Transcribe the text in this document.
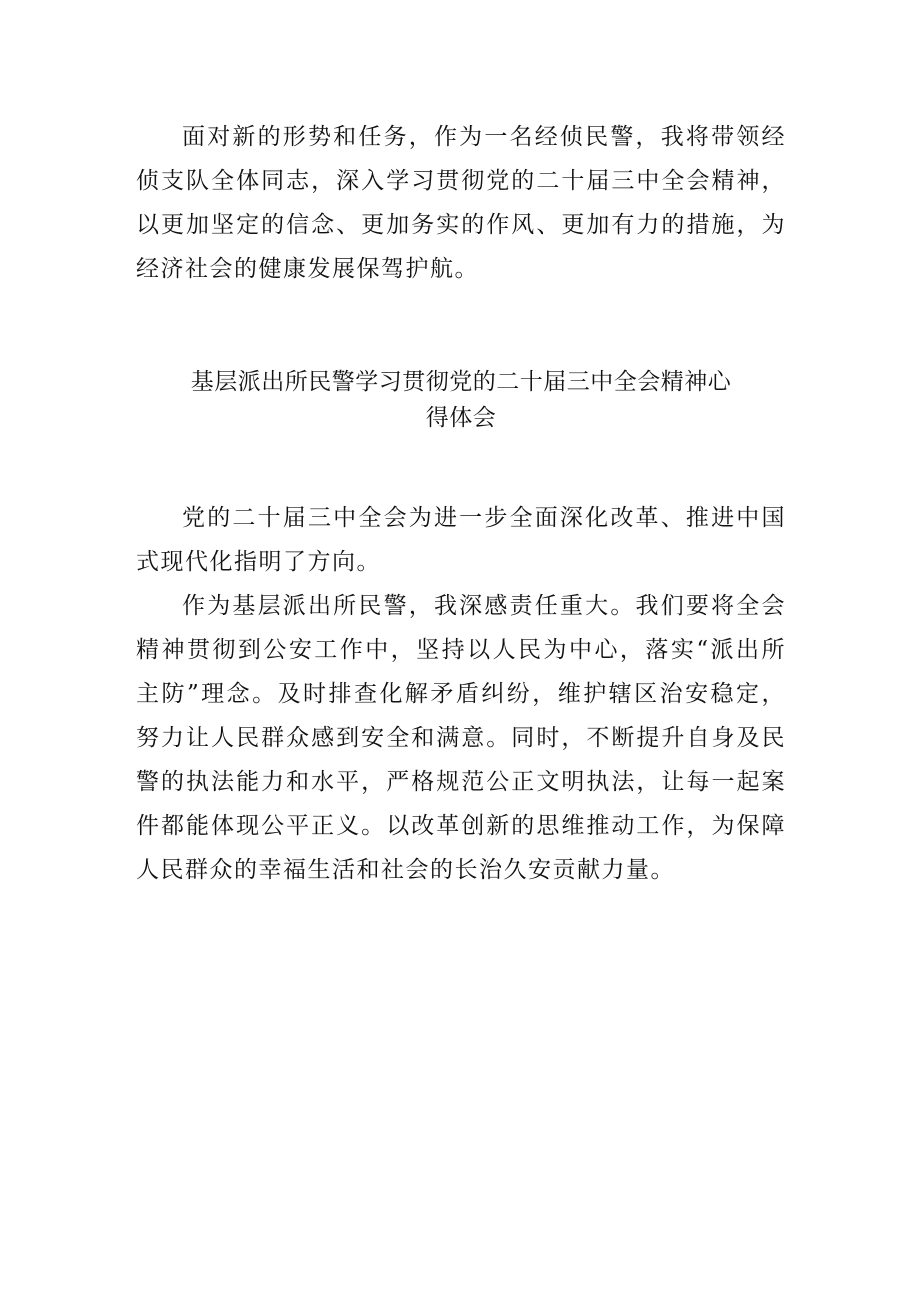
面对新的形势和任务，作为一名经侦民警，我将带领经侦支队全体同志，深入学习贯彻党的二十届三中全会精神，以更加坚定的信念、更加务实的作风、更加有力的措施，为经济社会的健康发展保驾护航。

基层派出所民警学习贯彻党的二十届三中全会精神心
得体会

党的二十届三中全会为进一步全面深化改革、推进中国式现代化指明了方向。

作为基层派出所民警，我深感责任重大。我们要将全会精神贯彻到公安工作中，坚持以人民为中心，落实“派出所主防”理念。及时排查化解矛盾纠纷，维护辖区治安稳定，努力让人民群众感到安全和满意。同时，不断提升自身及民警的执法能力和水平，严格规范公正文明执法，让每一起案件都能体现公平正义。以改革创新的思维推动工作，为保障人民群众的幸福生活和社会的长治久安贡献力量。
